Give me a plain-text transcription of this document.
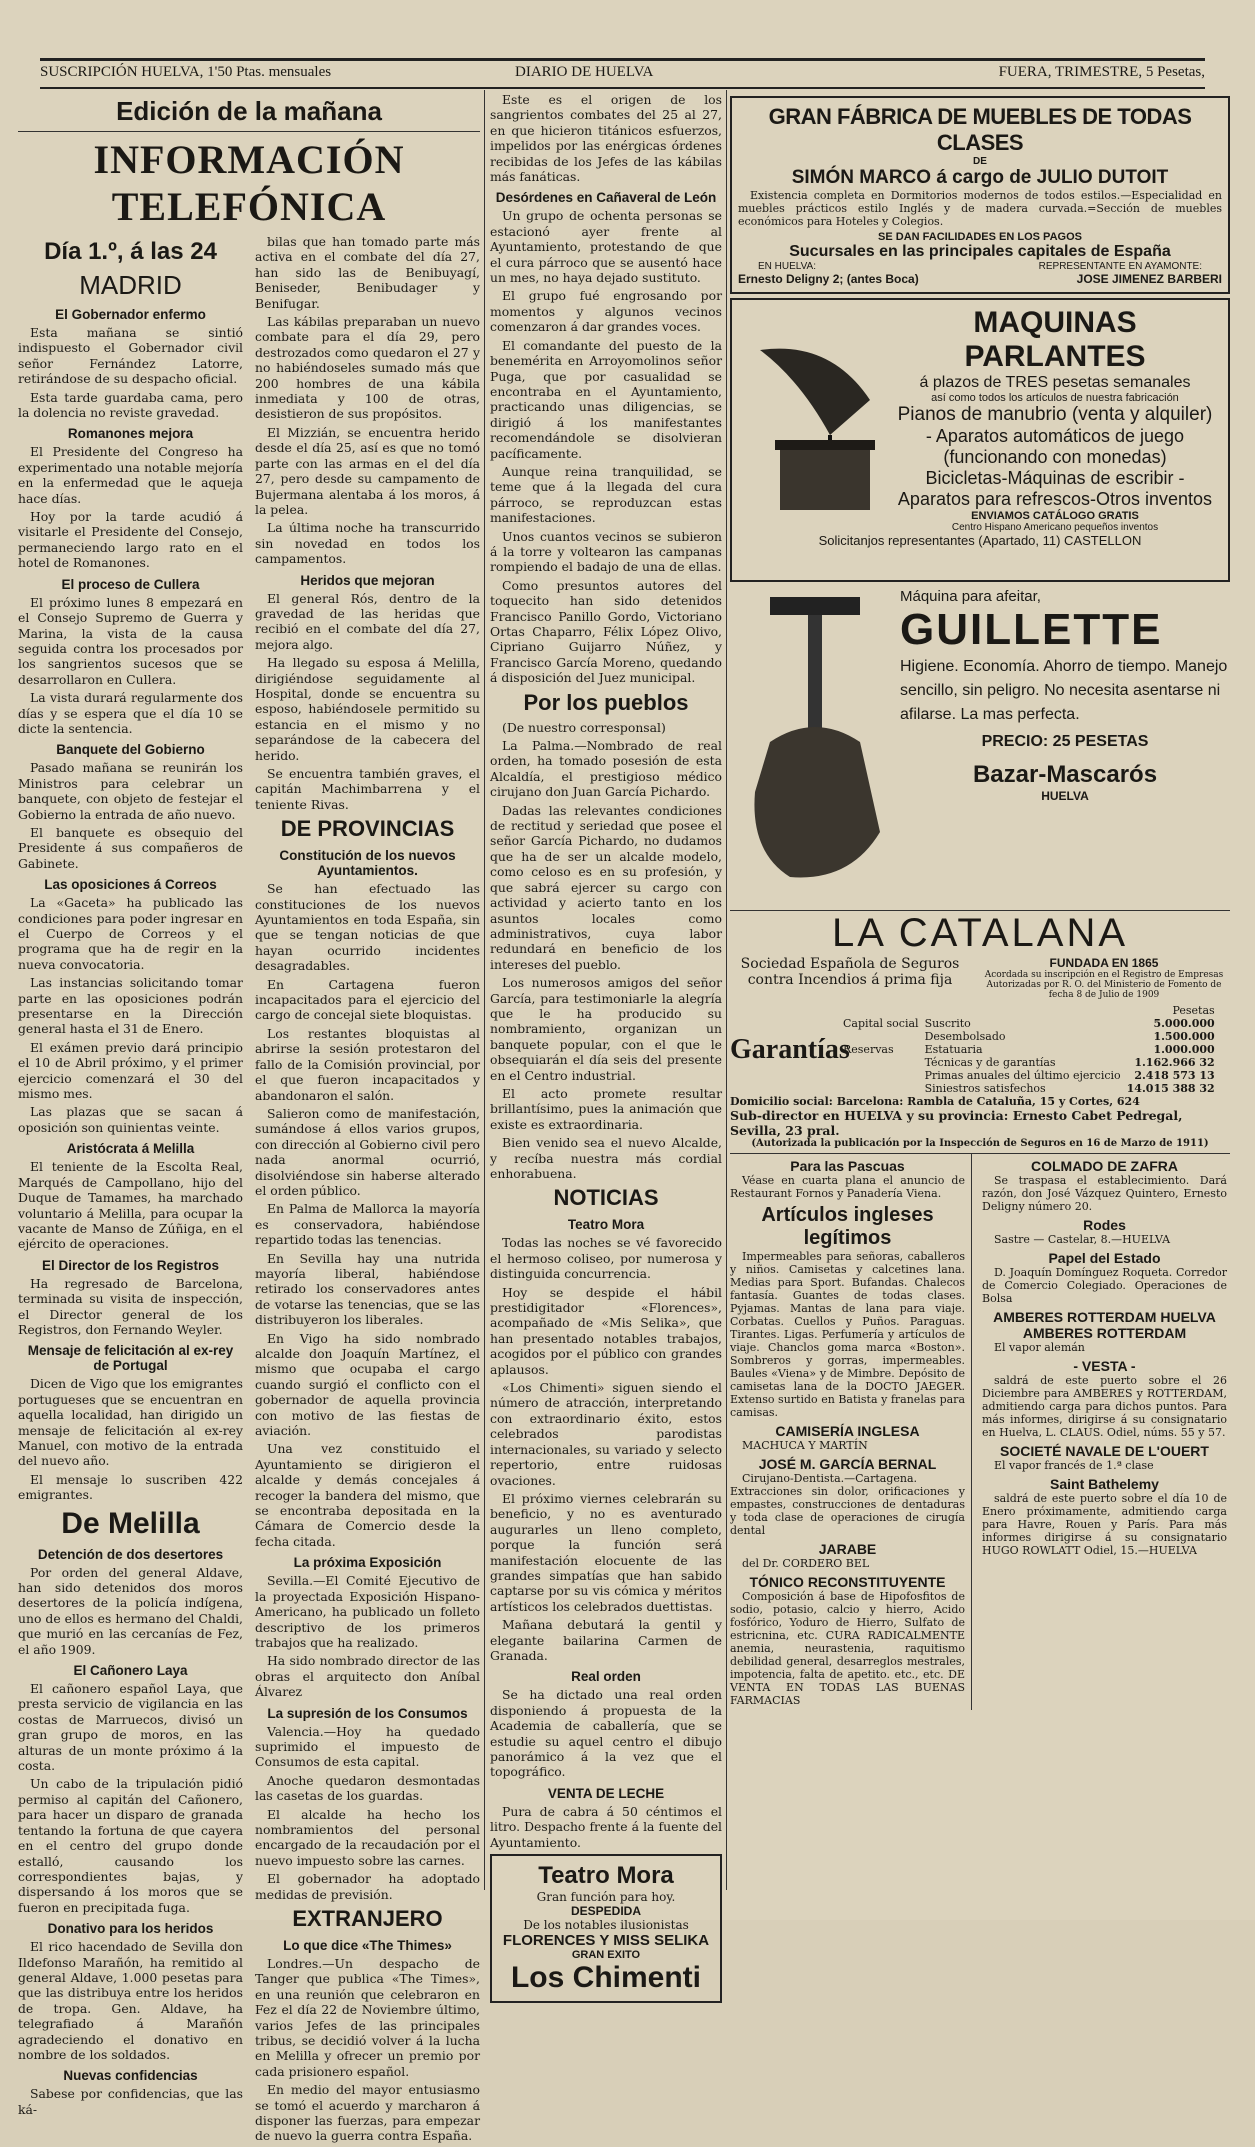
SUSCRIPCIÓN HUELVA, 1'50 Ptas. mensuales	DIARIO DE HUELVA	FUERA, TRIMESTRE, 5 Pesetas,
Edición de la mañana
INFORMACIÓN TELEFÓNICA
Día 1.º, á las 24
MADRID
El Gobernador enfermo

Esta mañana se sintió indispuesto el Gobernador civil señor Fernández Latorre, retirándose de su despacho oficial.

Esta tarde guardaba cama, pero la dolencia no reviste gravedad.

Romanones mejora

El Presidente del Congreso ha experimentado una notable mejoría en la enfermedad que le aqueja hace días.

Hoy por la tarde acudió á visitarle el Presidente del Consejo, permaneciendo largo rato en el hotel de Romanones.

El proceso de Cullera

El próximo lunes 8 empezará en el Consejo Supremo de Guerra y Marina, la vista de la causa seguida contra los procesados por los sangrientos sucesos que se desarrollaron en Cullera.

La vista durará regularmente dos días y se espera que el día 10 se dicte la sentencia.

Banquete del Gobierno

Pasado mañana se reunirán los Ministros para celebrar un banquete, con objeto de festejar el Gobierno la entrada de año nuevo.

El banquete es obsequio del Presidente á sus compañeros de Gabinete.

Las oposiciones á Correos

La «Gaceta» ha publicado las condiciones para poder ingresar en el Cuerpo de Correos y el programa que ha de regir en la nueva convocatoria.

Las instancias solicitando tomar parte en las oposiciones podrán presentarse en la Dirección general hasta el 31 de Enero.

El exámen previo dará principio el 10 de Abril próximo, y el primer ejercicio comenzará el 30 del mismo mes.

Las plazas que se sacan á oposición son quinientas veinte.

Aristócrata á Melilla

El teniente de la Escolta Real, Marqués de Campollano, hijo del Duque de Tamames, ha marchado voluntario á Melilla, para ocupar la vacante de Manso de Zúñiga, en el ejército de operaciones.

El Director de los Registros

Ha regresado de Barcelona, terminada su visita de inspección, el Director general de los Registros, don Fernando Weyler.

Mensaje de felicitación al ex-rey de Portugal

Dicen de Vigo que los emigrantes portugueses que se encuentran en aquella localidad, han dirigido un mensaje de felicitación al ex-rey Manuel, con motivo de la entrada del nuevo año.

El mensaje lo suscriben 422 emigrantes.

De Melilla
Detención de dos desertores

Por orden del general Aldave, han sido detenidos dos moros desertores de la policía indígena, uno de ellos es hermano del Chaldi, que murió en las cercanías de Fez, el año 1909.

El Cañonero Laya

El cañonero español Laya, que presta servicio de vigilancia en las costas de Marruecos, divisó un gran grupo de moros, en las alturas de un monte próximo á la costa.

Un cabo de la tripulación pidió permiso al capitán del Cañonero, para hacer un disparo de granada tentando la fortuna de que cayera en el centro del grupo donde estalló, causando los correspondientes bajas, y dispersando á los moros que se fueron en precipitada fuga.

Donativo para los heridos

El rico hacendado de Sevilla don Ildefonso Marañón, ha remitido al general Aldave, 1.000 pesetas para que las distribuya entre los heridos de tropa. Gen. Aldave, ha telegrafiado á Marañón agradeciendo el donativo en nombre de los soldados.

Nuevas confidencias

Sabese por confidencias, que las ká-

bilas que han tomado parte más activa en el combate del día 27, han sido las de Benibuyagí, Beniseder, Benibudager y Benifugar.

Las kábilas preparaban un nuevo combate para el día 29, pero destrozados como quedaron el 27 y no habiéndoseles sumado más que 200 hombres de una kábila inmediata y 100 de otras, desistieron de sus propósitos.

El Mizzián, se encuentra herido desde el día 25, así es que no tomó parte con las armas en el del día 27, pero desde su campamento de Bujermana alentaba á los moros, á la pelea.

La última noche ha transcurrido sin novedad en todos los campamentos.

Heridos que mejoran

El general Rós, dentro de la gravedad de las heridas que recibió en el combate del día 27, mejora algo.

Ha llegado su esposa á Melilla, dirigiéndose seguidamente al Hospital, donde se encuentra su esposo, habiéndosele permitido su estancia en el mismo y no separándose de la cabecera del herido.

Se encuentra también graves, el capitán Machimbarrena y el teniente Rivas.

DE PROVINCIAS
Constitución de los nuevos Ayuntamientos.

Se han efectuado las constituciones de los nuevos Ayuntamientos en toda España, sin que se tengan noticias de que hayan ocurrido incidentes desagradables.

En Cartagena fueron incapacitados para el ejercicio del cargo de concejal siete bloquistas.

Los restantes bloquistas al abrirse la sesión protestaron del fallo de la Comisión provincial, por el que fueron incapacitados y abandonaron el salón.

Salieron como de manifestación, sumándose á ellos varios grupos, con dirección al Gobierno civil pero nada anormal ocurrió, disolviéndose sin haberse alterado el orden público.

En Palma de Mallorca la mayoría es conservadora, habiéndose repartido todas las tenencias.

En Sevilla hay una nutrida mayoría liberal, habiéndose retirado los conservadores antes de votarse las tenencias, que se las distribuyeron los liberales.

En Vigo ha sido nombrado alcalde don Joaquín Martínez, el mismo que ocupaba el cargo cuando surgió el conflicto con el gobernador de aquella provincia con motivo de las fiestas de aviación.

Una vez constituido el Ayuntamiento se dirigieron el alcalde y demás concejales á recoger la bandera del mismo, que se encontraba depositada en la Cámara de Comercio desde la fecha citada.

La próxima Exposición

Sevilla.—El Comité Ejecutivo de la proyectada Exposición Hispano-Americano, ha publicado un folleto descriptivo de los primeros trabajos que ha realizado.

Ha sido nombrado director de las obras el arquitecto don Aníbal Álvarez

La supresión de los Consumos

Valencia.—Hoy ha quedado suprimido el impuesto de Consumos de esta capital.

Anoche quedaron desmontadas las casetas de los guardas.

El alcalde ha hecho los nombramientos del personal encargado de la recaudación por el nuevo impuesto sobre las carnes.

El gobernador ha adoptado medidas de previsión.

EXTRANJERO
Lo que dice «The Thimes»

Londres.—Un despacho de Tanger que publica «The Times», en una reunión que celebraron en Fez el día 22 de Noviembre último, varios Jefes de las principales tribus, se decidió volver á la lucha en Melilla y ofrecer un premio por cada prisionero español.

En medio del mayor entusiasmo se tomó el acuerdo y marcharon á disponer las fuerzas, para empezar de nuevo la guerra contra España.

Este es el origen de los sangrientos combates del 25 al 27, en que hicieron titánicos esfuerzos, impelidos por las enérgicas órdenes recibidas de los Jefes de las kábilas más fanáticas.

Desórdenes en Cañaveral de León

Un grupo de ochenta personas se estacionó ayer frente al Ayuntamiento, protestando de que el cura párroco que se ausentó hace un mes, no haya dejado sustituto.

El grupo fué engrosando por momentos y algunos vecinos comenzaron á dar grandes voces.

El comandante del puesto de la benemérita en Arroyomolinos señor Puga, que por casualidad se encontraba en el Ayuntamiento, practicando unas diligencias, se dirigió á los manifestantes recomendándole se disolvieran pacíficamente.

Aunque reina tranquilidad, se teme que á la llegada del cura párroco, se reproduzcan estas manifestaciones.

Unos cuantos vecinos se subieron á la torre y voltearon las campanas rompiendo el badajo de una de ellas.

Como presuntos autores del toquecito han sido detenidos Francisco Panillo Gordo, Victoriano Ortas Chaparro, Félix López Olivo, Cipriano Guijarro Núñez, y Francisco García Moreno, quedando á disposición del Juez municipal.

Por los pueblos

(De nuestro corresponsal)

La Palma.—Nombrado de real orden, ha tomado posesión de esta Alcaldía, el prestigioso médico cirujano don Juan García Pichardo.

Dadas las relevantes condiciones de rectitud y seriedad que posee el señor García Pichardo, no dudamos que ha de ser un alcalde modelo, como celoso es en su profesión, y que sabrá ejercer su cargo con actividad y acierto tanto en los asuntos locales como administrativos, cuya labor redundará en beneficio de los intereses del pueblo.

Los numerosos amigos del señor García, para testimoniarle la alegría que le ha producido su nombramiento, organizan un banquete popular, con el que le obsequiarán el día seis del presente en el Centro industrial.

El acto promete resultar brillantísimo, pues la animación que existe es extraordinaria.

Bien venido sea el nuevo Alcalde, y recíba nuestra más cordial enhorabuena.

NOTICIAS
Teatro Mora

Todas las noches se vé favorecido el hermoso coliseo, por numerosa y distinguida concurrencia.

Hoy se despide el hábil prestidigitador «Florences», acompañado de «Mis Selika», que han presentado notables trabajos, acogidos por el público con grandes aplausos.

«Los Chimenti» siguen siendo el número de atracción, interpretando con extraordinario éxito, estos celebrados parodistas internacionales, su variado y selecto repertorio, entre ruidosas ovaciones.

El próximo viernes celebrarán su beneficio, y no es aventurado augurarles un lleno completo, porque la función será manifestación elocuente de las grandes simpatías que han sabido captarse por su vis cómica y méritos artísticos los celebrados duettistas.

Mañana debutará la gentil y elegante bailarina Carmen de Granada.

Real orden

Se ha dictado una real orden disponiendo á propuesta de la Academia de caballería, que se estudie su aquel centro el dibujo panorámico á la vez que el topográfico.

VENTA DE LECHE

Pura de cabra á 50 céntimos el litro. Despacho frente á la fuente del Ayuntamiento.

Teatro Mora
Gran función para hoy.
DESPEDIDA
De los notables ilusionistas
FLORENCES Y MISS SELIKA
GRAN EXITO
Los Chimenti
GRAN FÁBRICA DE MUEBLES DE TODAS CLASES
DE
SIMÓN MARCO á cargo de JULIO DUTOIT

Existencia completa en Dormitorios modernos de todos estilos.—Especialidad en muebles prácticos estilo Inglés y de madera curvada.=Sección de muebles económicos para Hoteles y Colegios.

SE DAN FACILIDADES EN LOS PAGOS
Sucursales en las principales capitales de España
EN HUELVA:	REPRESENTANTE EN AYAMONTE:
Ernesto Deligny 2; (antes Boca)	JOSE JIMENEZ BARBERI
MAQUINAS PARLANTES
á plazos de TRES pesetas semanales
así como todos los artículos de nuestra fabricación
Pianos de manubrio (venta y alquiler)
- Aparatos automáticos de juego (funcionando con monedas)
Bicicletas-Máquinas de escribir - Aparatos para refrescos-Otros inventos
ENVIAMOS CATÁLOGO GRATIS
Centro Hispano Americano pequeños inventos
Solicitanjos representantes (Apartado, 11) CASTELLON
Máquina para afeitar,
GUILLETTE
Higiene. Economía. Ahorro de tiempo. Manejo sencillo, sin peligro. No necesita asentarse ni afilarse. La mas perfecta.
PRECIO: 25 PESETAS
Bazar-Mascarós
HUELVA
LA CATALANA
Sociedad Española de Seguros contra Incendios á prima fija
FUNDADA EN 1865
Acordada su inscripción en el Registro de Empresas Autorizadas por R. O. del Ministerio de Fomento de fecha 8 de Julio de 1909
Garantías
		Pesetas
Capital social	Suscrito	5.000.000
	Desembolsado	1.500.000
Reservas	Estatuaria	1.000.000
	Técnicas y de garantías	1.162.966 32
	Primas anuales del último ejercicio	2.418 573 13
	Siniestros satisfechos	14.015 388 32
Domicilio social: Barcelona: Rambla de Cataluña, 15 y Cortes, 624
Sub-director en HUELVA y su provincia: Ernesto Cabet Pedregal, Sevilla, 23 pral.
(Autorizada la publicación por la Inspección de Seguros en 16 de Marzo de 1911)
Para las Pascuas

Véase en cuarta plana el anuncio de Restaurant Fornos y Panadería Viena.

Artículos ingleses legítimos

Impermeables para señoras, caballeros y niños. Camisetas y calcetines lana. Medias para Sport. Bufandas. Chalecos fantasía. Guantes de todas clases. Pyjamas. Mantas de lana para viaje. Corbatas. Cuellos y Puños. Paraguas. Tirantes. Ligas. Perfumería y artículos de viaje. Chanclos goma marca «Boston». Sombreros y gorras, impermeables. Baules «Viena» y de Mimbre. Depósito de camisetas lana de la DOCTO JAEGER. Extenso surtido en Batista y franelas para camisas.

CAMISERÍA INGLESA

MACHUCA Y MARTÍN

JOSÉ M. GARCÍA BERNAL

Cirujano-Dentista.—Cartagena. Extracciones sin dolor, orificaciones y empastes, construcciones de dentaduras y toda clase de operaciones de cirugía dental

JARABE

del Dr. CORDERO BEL

TÓNICO RECONSTITUYENTE

Composición á base de Hipofosfitos de sodio, potasio, calcio y hierro, Acido fosfórico, Yoduro de Hierro, Sulfato de estricnina, etc. CURA RADICALMENTE anemia, neurastenia, raquitismo debilidad general, desarreglos mestrales, impotencia, falta de apetito. etc., etc. DE VENTA EN TODAS LAS BUENAS FARMACIAS

COLMADO DE ZAFRA

Se traspasa el establecimiento. Dará razón, don José Vázquez Quintero, Ernesto Deligny número 20.

Rodes

Sastre — Castelar, 8.—HUELVA

Papel del Estado

D. Joaquín Domínguez Roqueta. Corredor de Comercio Colegiado. Operaciones de Bolsa

AMBERES ROTTERDAM HUELVA AMBERES ROTTERDAM

El vapor alemán

- VESTA -

saldrá de este puerto sobre el 26 Diciembre para AMBERES y ROTTERDAM, admitiendo carga para dichos puntos. Para más informes, dirigirse á su consignatario en Huelva, L. CLAUS. Odiel, núms. 55 y 57.

SOCIETÉ NAVALE DE L'OUERT

El vapor francés de 1.ª clase

Saint Bathelemy

saldrá de este puerto sobre el día 10 de Enero próximamente, admitiendo carga para Havre, Rouen y París. Para más informes dirigirse á su consignatario HUGO ROWLATT Odiel, 15.—HUELVA
